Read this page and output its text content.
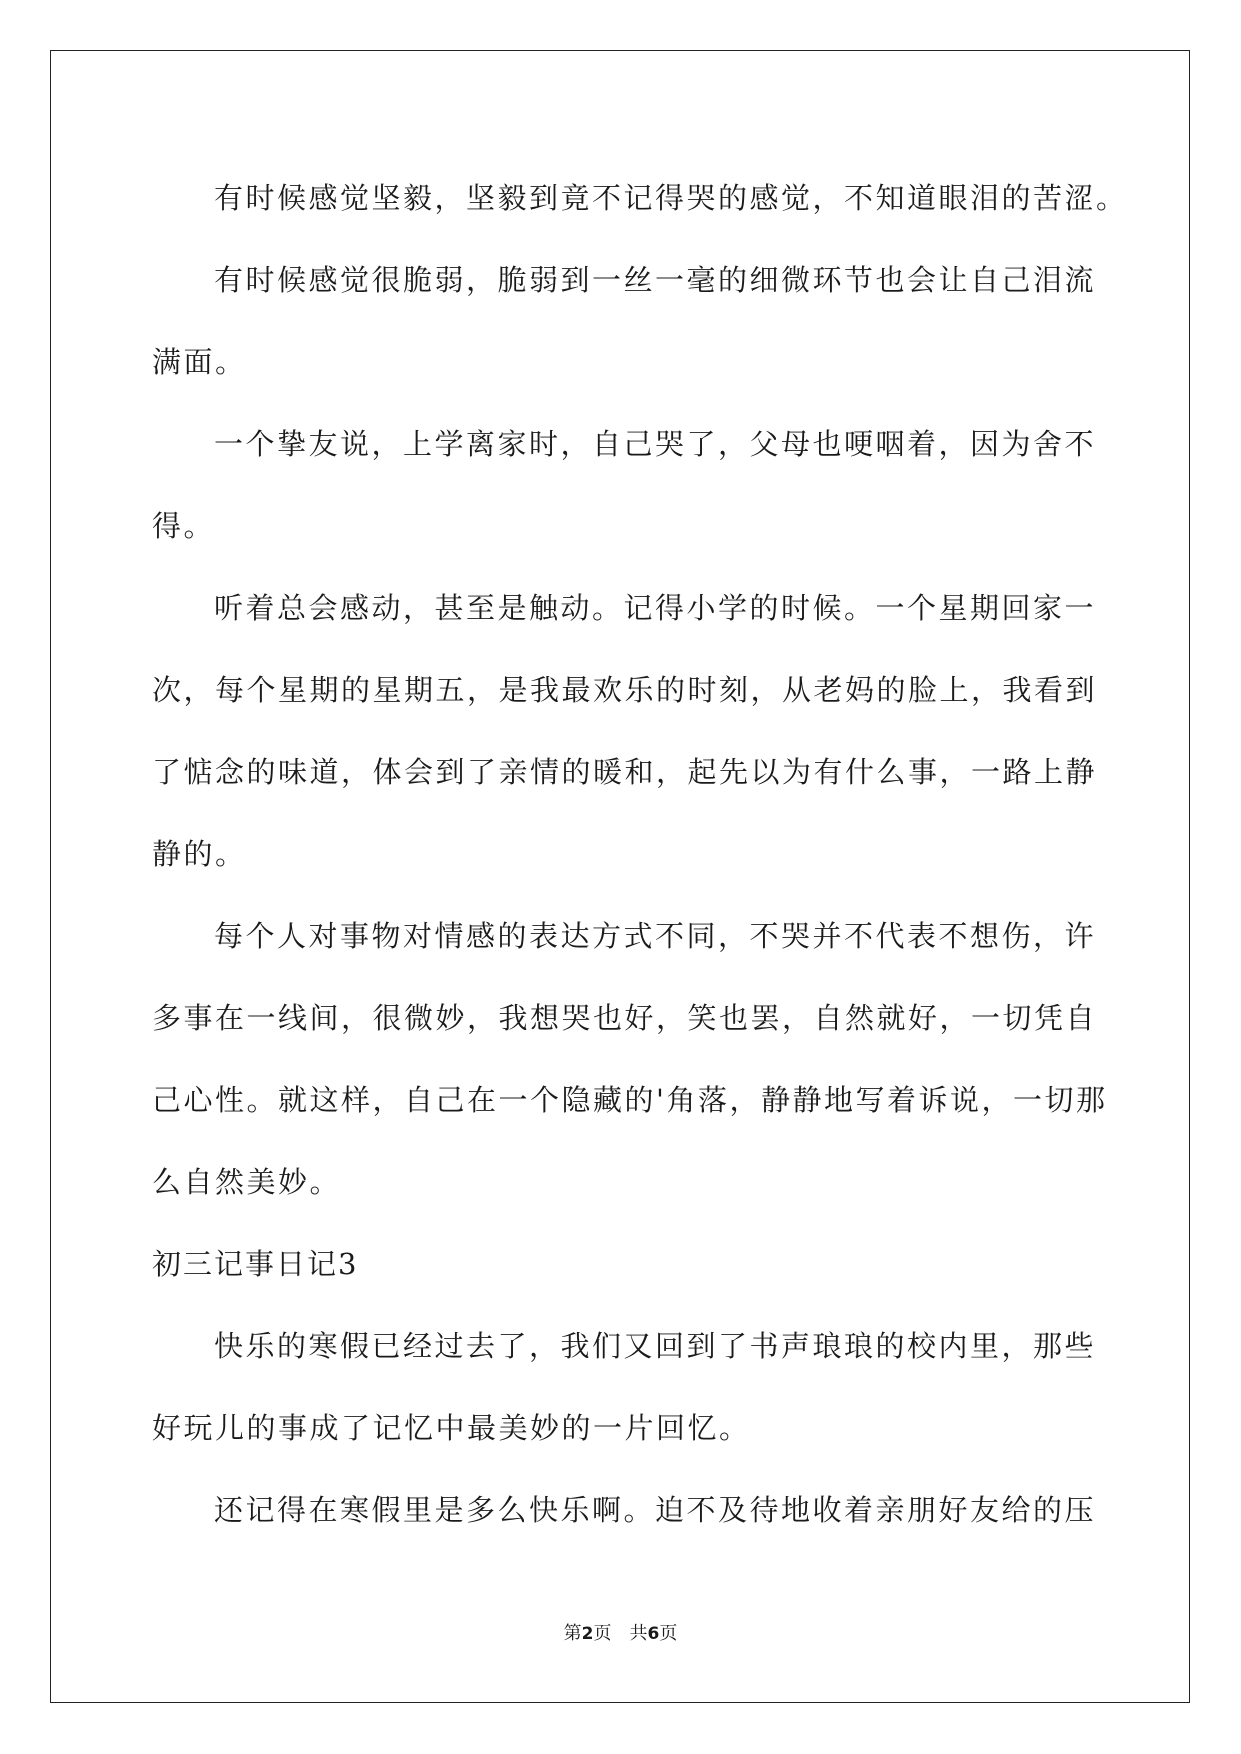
有时候感觉坚毅，坚毅到竟不记得哭的感觉，不知道眼泪的苦涩。
有时候感觉很脆弱，脆弱到一丝一毫的细微环节也会让自己泪流
满面。
一个挚友说，上学离家时，自己哭了，父母也哽咽着，因为舍不
得。
听着总会感动，甚至是触动。记得小学的时候。一个星期回家一
次，每个星期的星期五，是我最欢乐的时刻，从老妈的脸上，我看到
了惦念的味道，体会到了亲情的暖和，起先以为有什么事，一路上静
静的。
每个人对事物对情感的表达方式不同，不哭并不代表不想伤，许
多事在一线间，很微妙，我想哭也好，笑也罢，自然就好，一切凭自
己心性。就这样，自己在一个隐藏的'角落，静静地写着诉说，一切那
么自然美妙。
初三记事日记3
快乐的寒假已经过去了，我们又回到了书声琅琅的校内里，那些
好玩儿的事成了记忆中最美妙的一片回忆。
还记得在寒假里是多么快乐啊。迫不及待地收着亲朋好友给的压
第2页　共6页
